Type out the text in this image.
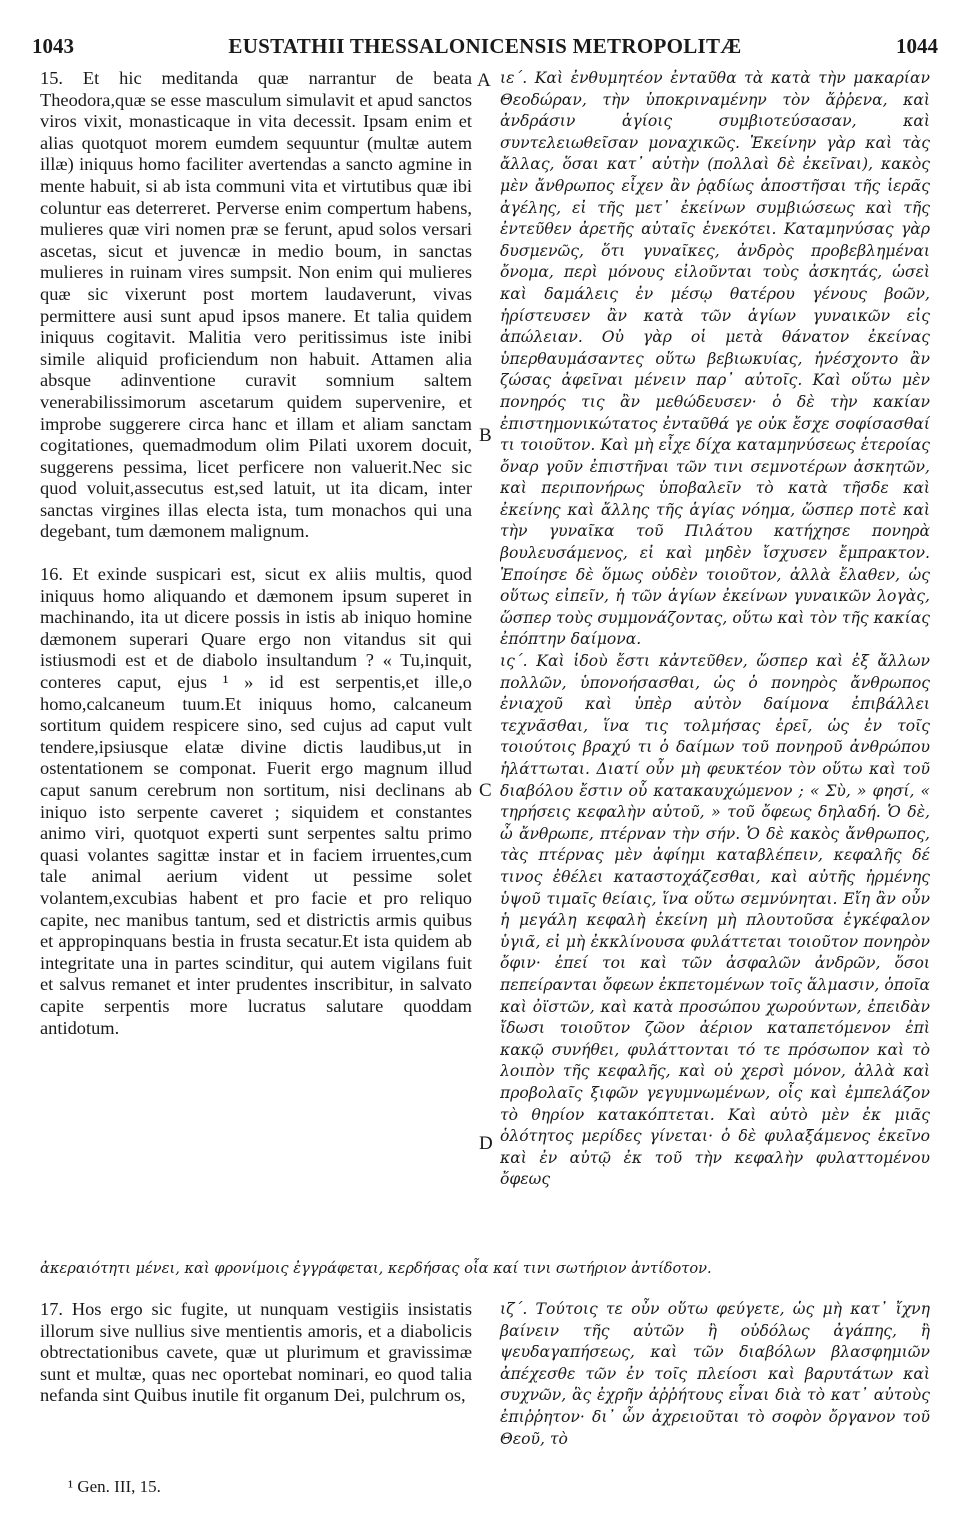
1043	EUSTATHII THESSALONICENSIS METROPOLITÆ	1044

15. Et hic meditanda quæ narrantur de beata Theodora,quæ se esse masculum simulavit et apud sanctos viros vixit, monasticaque in vita decessit. Ipsam enim et alias quotquot morem eumdem sequuntur (multæ autem illæ) iniquus homo faciliter avertendas a sancto agmine in mente habuit, si ab ista communi vita et virtutibus quæ ibi coluntur eas deterreret. Perverse enim compertum habens, mulieres quæ viri nomen præ se ferunt, apud solos versari ascetas, sicut et juvencæ in medio boum, in sanctas mulieres in ruinam vires sumpsit. Non enim qui mulieres quæ sic vixerunt post mortem laudaverunt, vivas permittere ausi sunt apud ipsos manere. Et talia quidem iniquus cogitavit. Malitia vero peritissimus iste inibi simile aliquid proficiendum non habuit. Attamen alia absque adinventione curavit somnium saltem venerabilissimorum ascetarum quidem supervenire, et improbe suggerere circa hanc et illam et aliam sanctam cogitationes, quemadmodum olim Pilati uxorem docuit, suggerens pessima, licet perficere non valuerit.Nec sic quod voluit,assecutus est,sed latuit, ut ita dicam, inter sanctas virgines illas electa ista, tum monachos qui una degebant, tum dæmonem malignum.

16. Et exinde suspicari est, sicut ex aliis multis, quod iniquus homo aliquando et dæmonem ipsum superet in machinando, ita ut dicere possis in istis ab iniquo homine dæmonem superari Quare ergo non vitandus sit qui istiusmodi est et de diabolo insultandum ? « Tu,inquit, conteres caput, ejus ¹ » id est serpentis,et ille,o homo,calcaneum tuum.Et iniquus homo, calcaneum sortitum quidem respicere sino, sed cujus ad caput vult tendere,ipsiusque elatæ divine dictis laudibus,ut in ostentationem se componat. Fuerit ergo magnum illud caput sanum cerebrum non sortitum, nisi declinans ab iniquo isto serpente caveret ; siquidem et constantes animo viri, quotquot experti sunt serpentes saltu primo quasi volantes sagittæ instar et in faciem irruentes,cum tale animal aerium vident ut pessime solet volantem,excubias habent et pro facie et pro reliquo capite, nec manibus tantum, sed et districtis armis quibus et appropinquans bestia in frusta secatur.Et ista quidem ab integritate una in partes scinditur, qui autem vigilans fuit et salvus remanet et inter prudentes inscribitur, in salvato capite serpentis more lucratus salutare quoddam antidotum.

ιε΄. Καὶ ἐνθυμητέον ἐνταῦθα τὰ κατὰ τὴν μακαρίαν Θεοδώραν, τὴν ὑποκριναμένην τὸν ἄῤῥενα, καὶ ἀνδράσιν ἁγίοις συμβιοτεύσασαν, καὶ συντελειωθεῖσαν μοναχικῶς. Ἐκείνην γὰρ καὶ τὰς ἄλλας, ὅσαι κατ᾽ αὐτὴν (πολλαὶ δὲ ἐκεῖναι), κακὸς μὲν ἄνθρωπος εἶχεν ἂν ῥᾳδίως ἀποστῆσαι τῆς ἱερᾶς ἀγέλης, εἰ τῆς μετ᾽ ἐκείνων συμβιώσεως καὶ τῆς ἐντεῦθεν ἀρετῆς αὐταῖς ἐνεκότει. Καταμηνύσας γὰρ δυσμενῶς, ὅτι γυναῖκες, ἀνδρὸς προβεβλημέναι ὄνομα, περὶ μόνους εἰλοῦνται τοὺς ἀσκητάς, ὡσεὶ καὶ δαμάλεις ἐν μέσῳ θατέρου γένους βοῶν, ἠρίστευσεν ἂν κατὰ τῶν ἁγίων γυναικῶν εἰς ἀπώλειαν. Οὐ γὰρ οἱ μετὰ θάνατον ἐκείνας ὑπερθαυμάσαντες οὕτω βεβιωκυίας, ἠνέσχοντο ἂν ζώσας ἀφεῖναι μένειν παρ᾽ αὐτοῖς. Καὶ οὕτω μὲν πονηρός τις ἂν μεθώδευσεν· ὁ δὲ τὴν κακίαν ἐπιστημονικώτατος ἐνταῦθά γε οὐκ ἔσχε σοφίσασθαί τι τοιοῦτον. Καὶ μὴ εἶχε δίχα καταμηνύσεως ἑτεροίας ὄναρ γοῦν ἐπιστῆναι τῶν τινι σεμνοτέρων ἀσκητῶν, καὶ περιπονήρως ὑποβαλεῖν τὸ κατὰ τῆσδε καὶ ἐκείνης καὶ ἄλλης τῆς ἁγίας νόημα, ὥσπερ ποτὲ καὶ τὴν γυναῖκα τοῦ Πιλάτου κατήχησε πονηρὰ βουλευσάμενος, εἰ καὶ μηδὲν ἴσχυσεν ἔμπρακτον. Ἐποίησε δὲ ὅμως οὐδὲν τοιοῦτον, ἀλλὰ ἔλαθεν, ὡς οὕτως εἰπεῖν, ἡ τῶν ἁγίων ἐκείνων γυναικῶν λογὰς, ὥσπερ τοὺς συμμονάζοντας, οὕτω καὶ τὸν τῆς κακίας ἐπόπτην δαίμονα.

ις΄. Καὶ ἰδοὺ ἔστι κἀντεῦθεν, ὥσπερ καὶ ἐξ ἄλλων πολλῶν, ὑπονοήσασθαι, ὡς ὁ πονηρὸς ἄνθρωπος ἐνιαχοῦ καὶ ὑπὲρ αὐτὸν δαίμονα ἐπιβάλλει τεχνᾶσθαι, ἵνα τις τολμήσας ἐρεῖ, ὡς ἐν τοῖς τοιούτοις βραχύ τι ὁ δαίμων τοῦ πονηροῦ ἀνθρώπου ἡλάττωται. Διατί οὖν μὴ φευκτέον τὸν οὕτω καὶ τοῦ διαβόλου ἔστιν οὗ κατακαυχώμενον ; « Σὺ, » φησί, « τηρήσεις κεφαλὴν αὐτοῦ, » τοῦ ὄφεως δηλαδή. Ὁ δὲ, ὦ ἄνθρωπε, πτέρναν τὴν σήν. Ὁ δὲ κακὸς ἄνθρωπος, τὰς πτέρνας μὲν ἀφίημι καταβλέπειν, κεφαλῆς δέ τινος ἐθέλει καταστοχάζεσθαι, καὶ αὐτῆς ἠρμένης ὑψοῦ τιμαῖς θείαις, ἵνα οὕτω σεμνύνηται. Εἴη ἂν οὖν ἡ μεγάλη κεφαλὴ ἐκείνη μὴ πλουτοῦσα ἐγκέφαλον ὑγιᾶ, εἰ μὴ ἐκκλίνουσα φυλάττεται τοιοῦτον πονηρὸν ὄφιν· ἐπεί τοι καὶ τῶν ἀσφαλῶν ἀνδρῶν, ὅσοι πεπείρανται ὄφεων ἐκπετομένων τοῖς ἅλμασιν, ὁποῖα καὶ ὀϊστῶν, καὶ κατὰ προσώπου χωρούντων, ἐπειδὰν ἴδωσι τοιοῦτον ζῶον ἀέριον καταπετόμενον ἐπὶ κακῷ συνήθει, φυλάττονται τό τε πρόσωπον καὶ τὸ λοιπὸν τῆς κεφαλῆς, καὶ οὐ χερσὶ μόνον, ἀλλὰ καὶ προβολαῖς ξιφῶν γεγυμνωμένων, οἷς καὶ ἐμπελάζον τὸ θηρίον κατακόπτεται. Καὶ αὐτὸ μὲν ἐκ μιᾶς ὁλότητος μερίδες γίνεται· ὁ δὲ φυλαξάμενος ἐκεῖνο καὶ ἐν αὐτῷ ἐκ τοῦ τὴν κεφαλὴν φυλαττομένου ὄφεως

A
B
C
D
ἀκεραιότητι μένει, καὶ φρονίμοις ἐγγράφεται, κερδήσας οἷα καί τινι σωτήριον ἀντίδοτον.
17. Hos ergo sic fugite, ut nunquam vestigiis insistatis illorum sive nullius sive mentientis amoris, et a diabolicis obtrectationibus cavete, quæ ut plurimum et gravissimæ sunt et multæ, quas nec oportebat nominari, eo quod talia nefanda sint Quibus inutile fit organum Dei, pulchrum os,
ιζ΄. Τούτοις τε οὖν οὕτω φεύγετε, ὡς μὴ κατ᾽ ἴχνη βαίνειν τῆς αὐτῶν ἢ οὐδόλως ἀγάπης, ἢ ψευδαγαπήσεως, καὶ τῶν διαβόλων βλασφημιῶν ἀπέχεσθε τῶν ἐν τοῖς πλείοσι καὶ βαρυτάτων καὶ συχνῶν, ἃς ἐχρῆν ἀῤῥήτους εἶναι διὰ τὸ κατ᾽ αὐτοὺς ἐπιῤῥητον· δι᾽ ὧν ἀχρειοῦται τὸ σοφὸν ὄργανον τοῦ Θεοῦ, τὸ
¹ Gen. III, 15.
